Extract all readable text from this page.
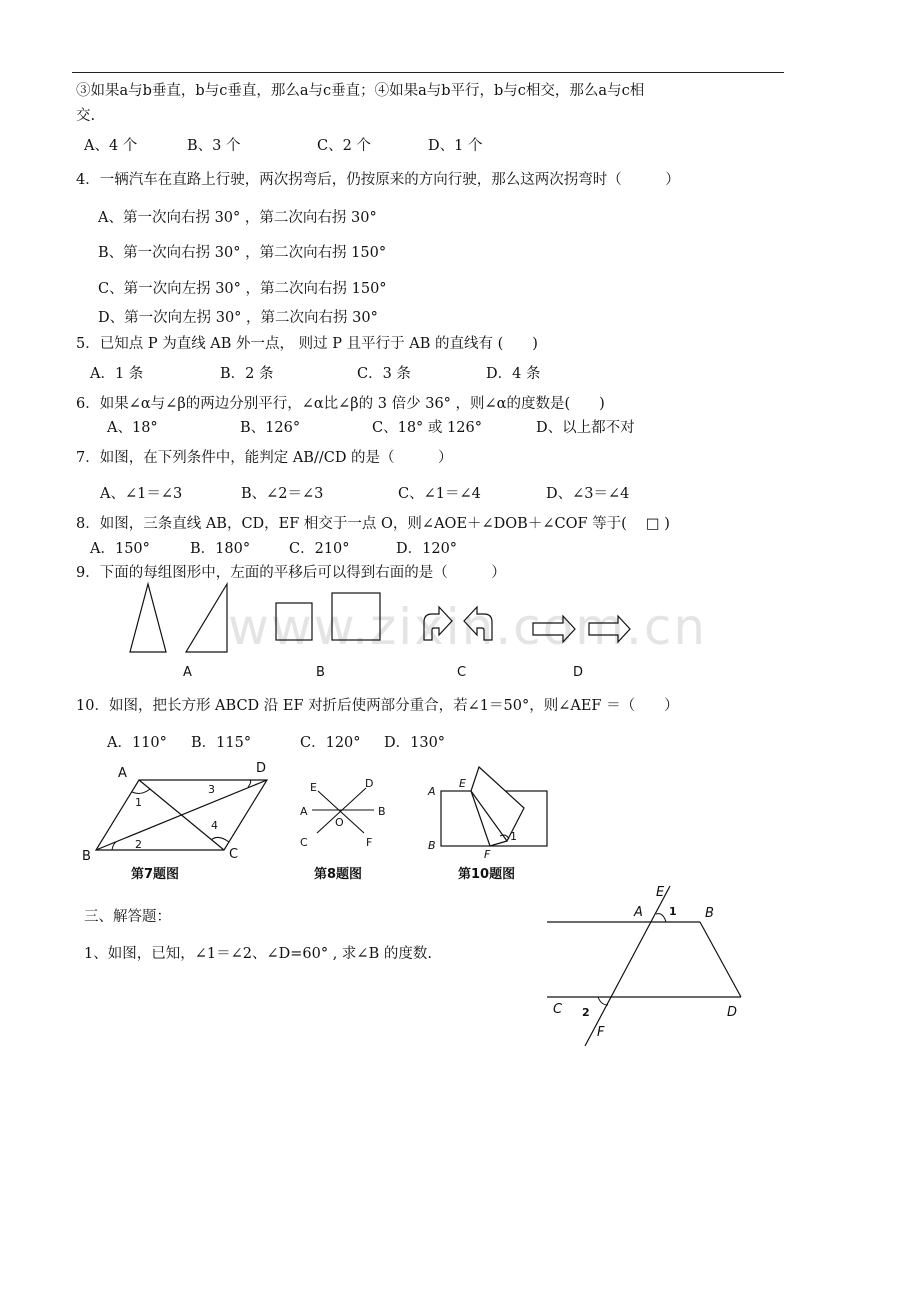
③如果a与b垂直，b与c垂直，那么a与c垂直；④如果a与b平行，b与c相交，那么a与c相
交.
A、4 个	B、3 个	C、2 个	D、1 个
4．一辆汽车在直路上行驶，两次拐弯后，仍按原来的方向行驶，那么这两次拐弯时（　　　）
A、第一次向右拐 30° ，第二次向右拐 30°
B、第一次向右拐 30° ，第二次向右拐 150°
C、第一次向左拐 30° ，第二次向右拐 150°
D、第一次向左拐 30° ，第二次向右拐 30°
5．已知点 P 为直线 AB 外一点， 则过 P 且平行于 AB 的直线有 (　　)
A．1 条	B．2 条	C．3 条	D．4 条
6．如果∠α与∠β的两边分别平行，∠α比∠β的 3 倍少 36° ，则∠α的度数是(　　)
A、18°	B、126°	C、18° 或 126°	D、以上都不对
7．如图，在下列条件中，能判定 AB//CD 的是（　　　）
A、∠1＝∠3	B、∠2＝∠3	C、∠1＝∠4	D、∠3＝∠4
8．如图，三条直线 AB，CD，EF 相交于一点 O，则∠AOE＋∠DOB＋∠COF 等于(　 □ )
A．150°	B．180°	C．210°	D．120°
9．下面的每组图形中，左面的平移后可以得到右面的是（　　　）
www.zixin.com.cn
A	B	C	D
10．如图，把长方形 ABCD 沿 EF 对折后使两部分重合，若∠1＝50°，则∠AEF ＝（　　）
A．110° B．115°	C．120° D．130°
A	D
B	C
1
3
4
2
A	B
E	D
C	F
O
A
B
E
F
1
第7题图	第8题图	第10题图
三、解答题：
1、如图，已知，∠1＝∠2、∠D=60° , 求∠B 的度数.
E
A 1 B
C 2	D
F
